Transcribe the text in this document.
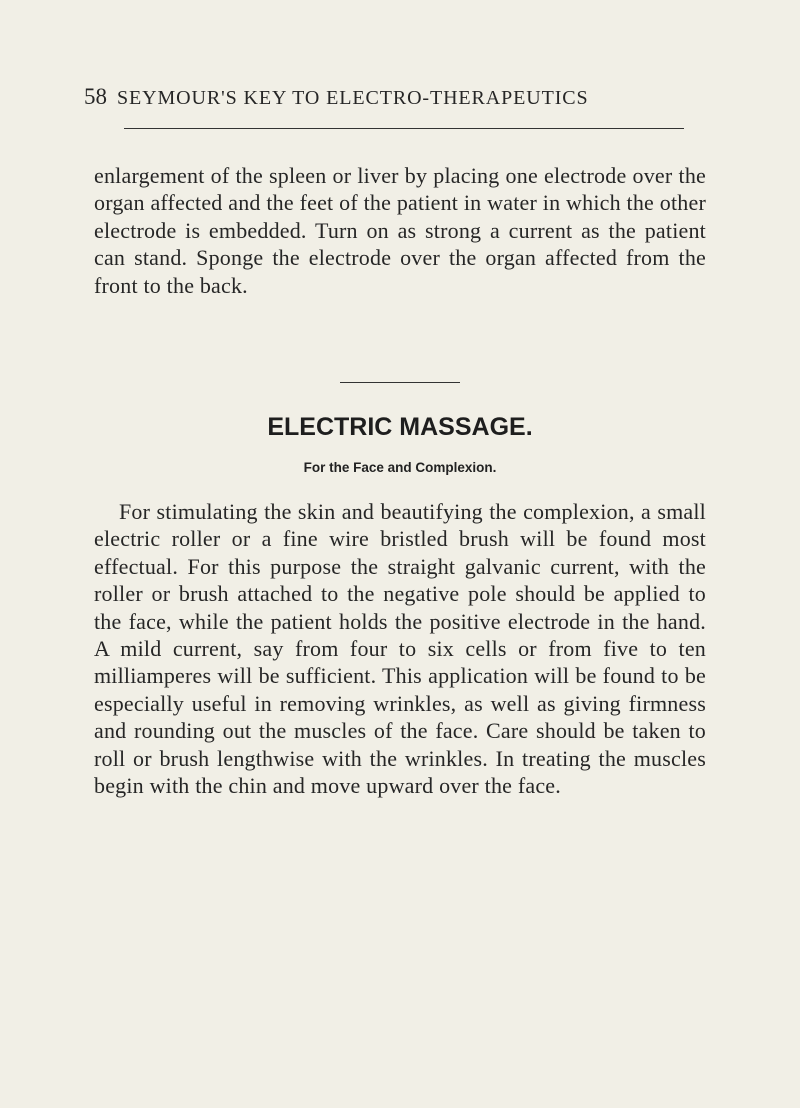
58 SEYMOUR'S KEY TO ELECTRO-THERAPEUTICS

enlargement of the spleen or liver by placing one electrode over the organ affected and the feet of the patient in water in which the other electrode is embedded. Turn on as strong a current as the patient can stand. Sponge the electrode over the organ affected from the front to the back.

ELECTRIC MASSAGE.
For the Face and Complexion.

For stimulating the skin and beautifying the complexion, a small electric roller or a fine wire bristled brush will be found most effectual. For this purpose the straight galvanic current, with the roller or brush attached to the negative pole should be applied to the face, while the patient holds the positive electrode in the hand. A mild current, say from four to six cells or from five to ten milliamperes will be sufficient. This application will be found to be especially useful in removing wrinkles, as well as giving firmness and rounding out the muscles of the face. Care should be taken to roll or brush lengthwise with the wrinkles. In treating the muscles begin with the chin and move upward over the face.
